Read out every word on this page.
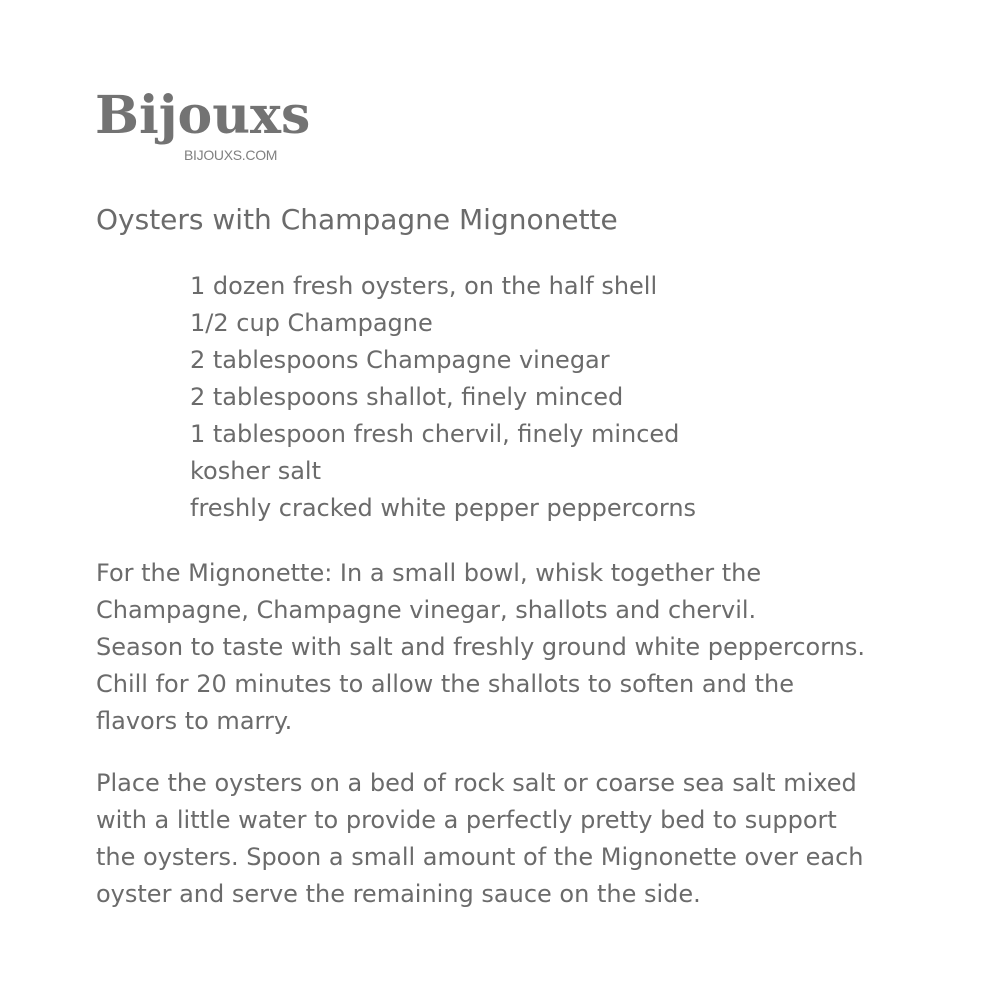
Bijouxs
BIJOUXS.COM
Oysters with Champagne Mignonette
1 dozen fresh oysters, on the half shell
1/2 cup Champagne
2 tablespoons Champagne vinegar
2 tablespoons shallot, finely minced
1 tablespoon fresh chervil, finely minced
kosher salt
freshly cracked white pepper peppercorns

For the Mignonette: In a small bowl, whisk together the
Champagne, Champagne vinegar, shallots and chervil.
Season to taste with salt and freshly ground white peppercorns.
Chill for 20 minutes to allow the shallots to soften and the
flavors to marry.

Place the oysters on a bed of rock salt or coarse sea salt mixed
with a little water to provide a perfectly pretty bed to support
the oysters. Spoon a small amount of the Mignonette over each
oyster and serve the remaining sauce on the side.
